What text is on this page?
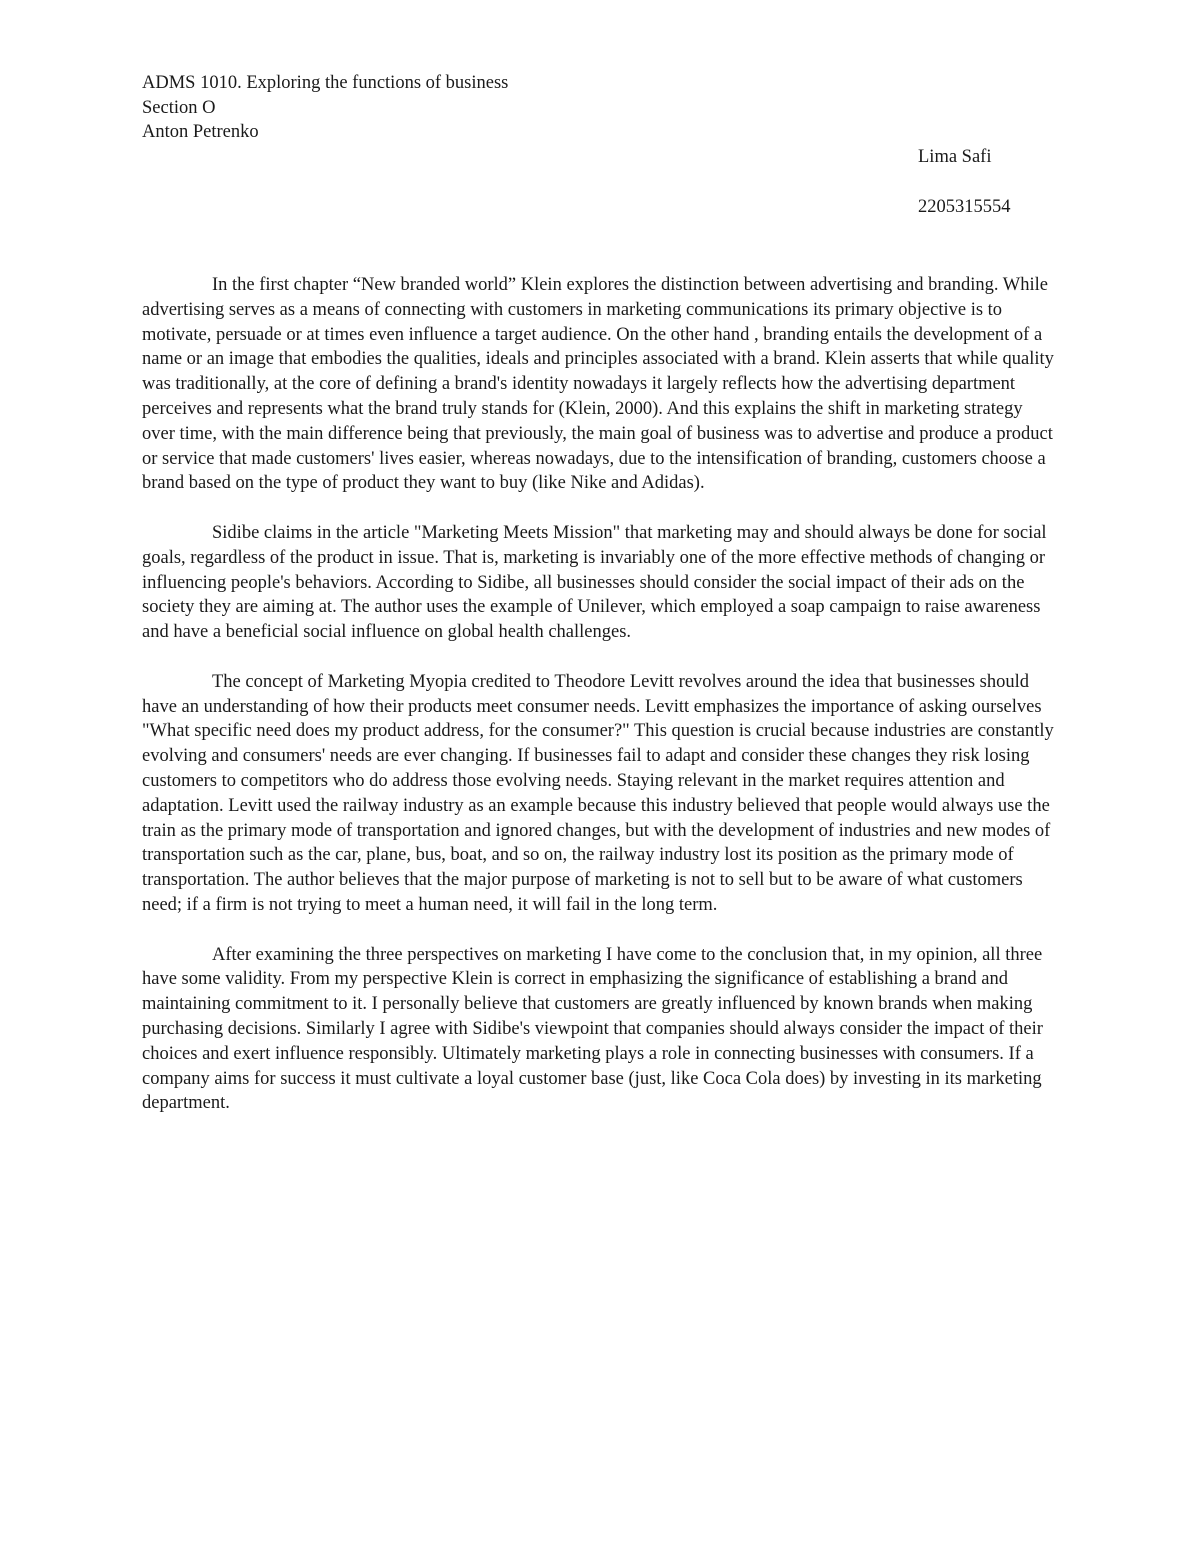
ADMS 1010. Exploring the functions of business
Section O
Anton Petrenko
Lima Safi
2205315554

In the first chapter “New branded world” Klein explores the distinction between advertising and branding. While advertising serves as a means of connecting with customers in marketing communications its primary objective is to motivate, persuade or at times even influence a target audience. On the other hand , branding entails the development of a name or an image that embodies the qualities, ideals and principles associated with a brand. Klein asserts that while quality was traditionally, at the core of defining a brand's identity nowadays it largely reflects how the advertising department perceives and represents what the brand truly stands for (Klein, 2000). And this explains the shift in marketing strategy over time, with the main difference being that previously, the main goal of business was to advertise and produce a product or service that made customers' lives easier, whereas nowadays, due to the intensification of branding, customers choose a brand based on the type of product they want to buy (like Nike and Adidas).

Sidibe claims in the article "Marketing Meets Mission" that marketing may and should always be done for social goals, regardless of the product in issue. That is, marketing is invariably one of the more effective methods of changing or influencing people's behaviors. According to Sidibe, all businesses should consider the social impact of their ads on the society they are aiming at. The author uses the example of Unilever, which employed a soap campaign to raise awareness and have a beneficial social influence on global health challenges.

The concept of Marketing Myopia credited to Theodore Levitt revolves around the idea that businesses should have an understanding of how their products meet consumer needs. Levitt emphasizes the importance of asking ourselves "What specific need does my product address, for the consumer?" This question is crucial because industries are constantly evolving and consumers' needs are ever changing. If businesses fail to adapt and consider these changes they risk losing customers to competitors who do address those evolving needs. Staying relevant in the market requires attention and adaptation. Levitt used the railway industry as an example because this industry believed that people would always use the train as the primary mode of transportation and ignored changes, but with the development of industries and new modes of transportation such as the car, plane, bus, boat, and so on, the railway industry lost its position as the primary mode of transportation. The author believes that the major purpose of marketing is not to sell but to be aware of what customers need; if a firm is not trying to meet a human need, it will fail in the long term.

After examining the three perspectives on marketing I have come to the conclusion that, in my opinion, all three have some validity. From my perspective Klein is correct in emphasizing the significance of establishing a brand and maintaining commitment to it. I personally believe that customers are greatly influenced by known brands when making purchasing decisions. Similarly I agree with Sidibe's viewpoint that companies should always consider the impact of their choices and exert influence responsibly. Ultimately marketing plays a role in connecting businesses with consumers. If a company aims for success it must cultivate a loyal customer base (just, like Coca Cola does) by investing in its marketing department.
